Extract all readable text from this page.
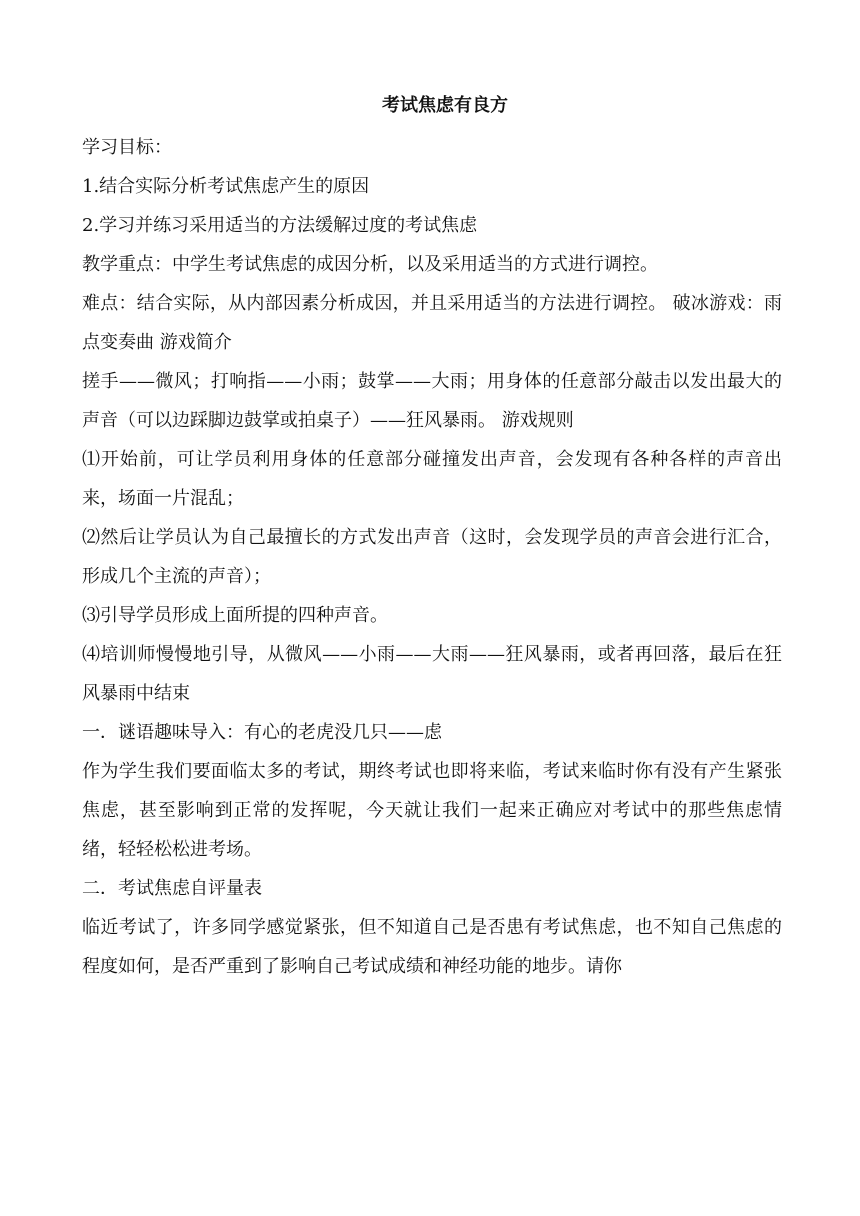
考试焦虑有良方

学习目标：

1.结合实际分析考试焦虑产生的原因

2.学习并练习采用适当的方法缓解过度的考试焦虑

教学重点：中学生考试焦虑的成因分析，以及采用适当的方式进行调控。

难点：结合实际，从内部因素分析成因，并且采用适当的方法进行调控。 破冰游戏：雨点变奏曲 游戏简介

搓手——微风；打响指——小雨；鼓掌——大雨；用身体的任意部分敲击以发出最大的声音（可以边踩脚边鼓掌或拍桌子）——狂风暴雨。 游戏规则

⑴开始前，可让学员利用身体的任意部分碰撞发出声音，会发现有各种各样的声音出来，场面一片混乱；

⑵然后让学员认为自己最擅长的方式发出声音（这时，会发现学员的声音会进行汇合，形成几个主流的声音）；

⑶引导学员形成上面所提的四种声音。

⑷培训师慢慢地引导，从微风——小雨——大雨——狂风暴雨，或者再回落，最后在狂风暴雨中结束

一．谜语趣味导入：有心的老虎没几只——虑

作为学生我们要面临太多的考试，期终考试也即将来临，考试来临时你有没有产生紧张焦虑，甚至影响到正常的发挥呢，今天就让我们一起来正确应对考试中的那些焦虑情绪，轻轻松松进考场。

二．考试焦虑自评量表

临近考试了，许多同学感觉紧张，但不知道自己是否患有考试焦虑，也不知自己焦虑的程度如何，是否严重到了影响自己考试成绩和神经功能的地步。请你
